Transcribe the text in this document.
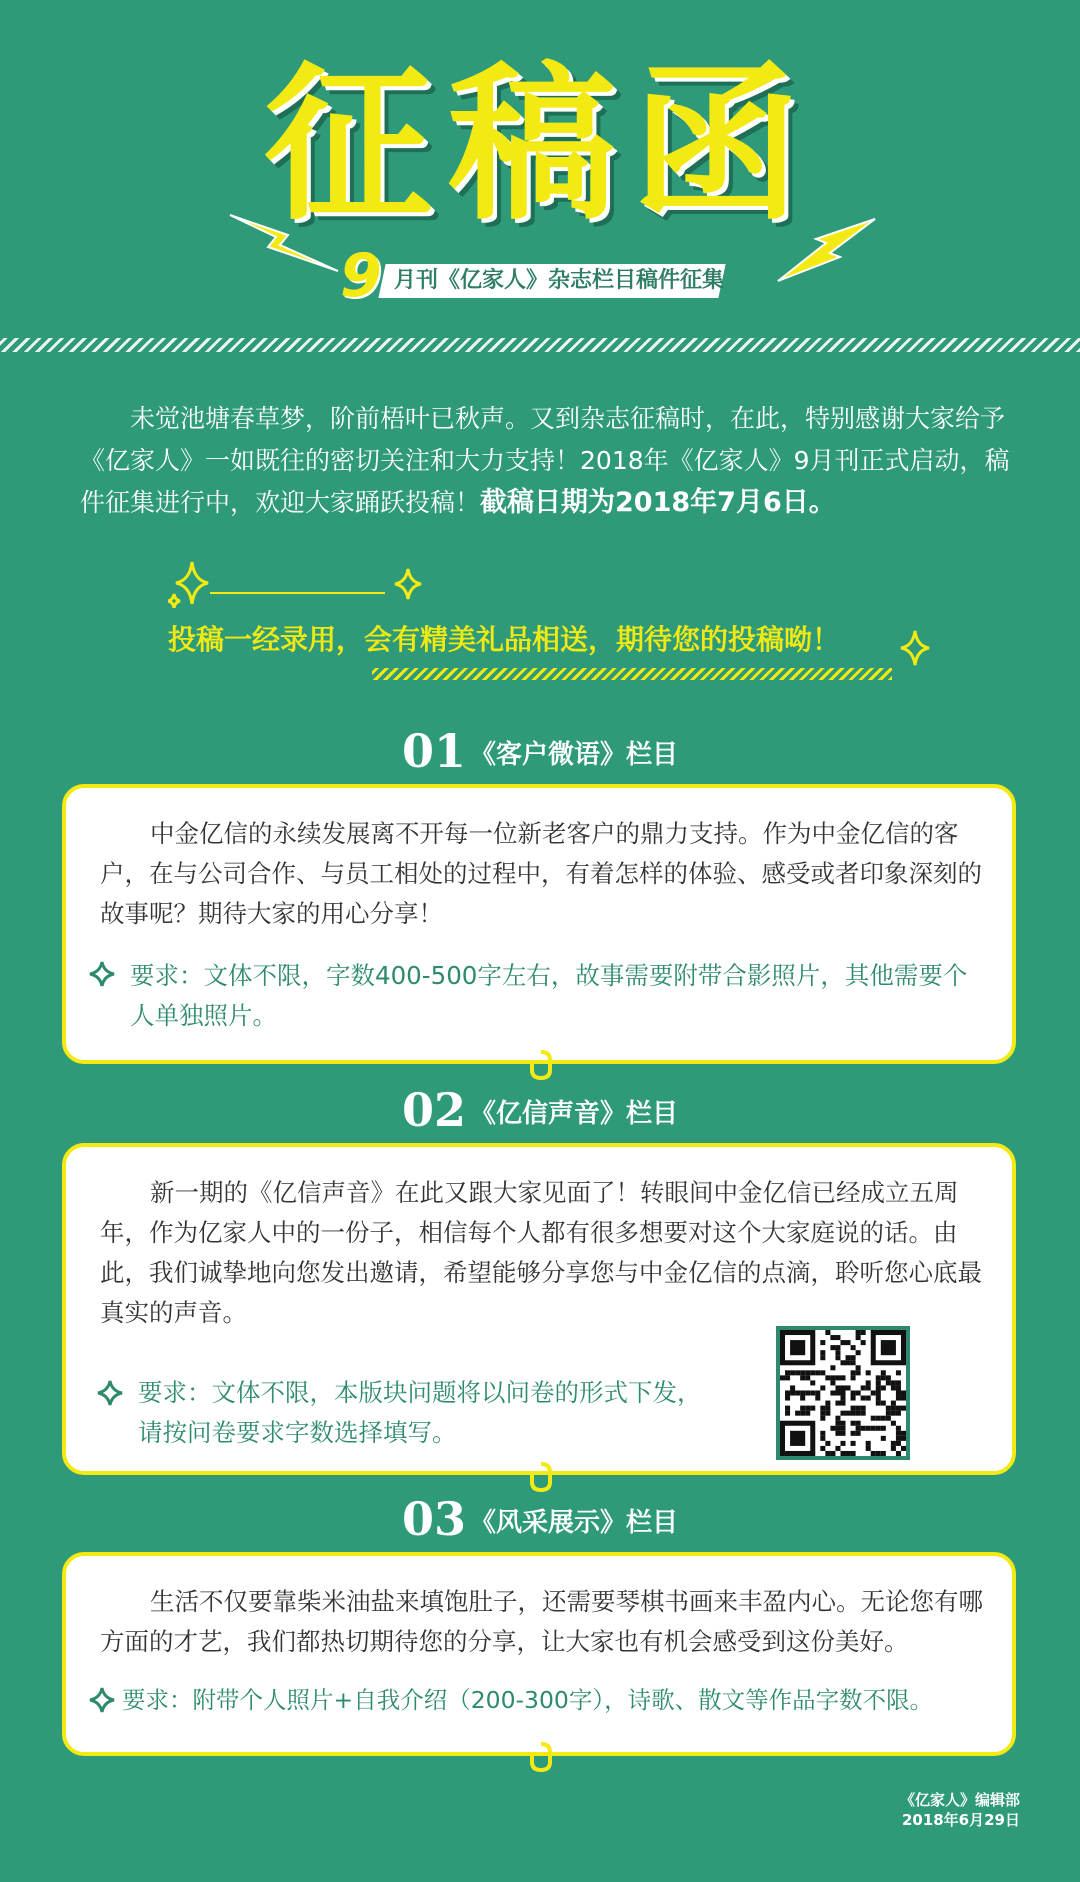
征稿函
9 月刊《亿家人》杂志栏目稿件征集
未觉池塘春草梦，阶前梧叶已秋声。又到杂志征稿时，在此，特别感谢大家给予《亿家人》一如既往的密切关注和大力支持！2018年《亿家人》9月刊正式启动，稿件征集进行中，欢迎大家踊跃投稿！截稿日期为2018年7月6日。
投稿一经录用，会有精美礼品相送，期待您的投稿呦！
01 《客户微语》栏目
中金亿信的永续发展离不开每一位新老客户的鼎力支持。作为中金亿信的客户，在与公司合作、与员工相处的过程中，有着怎样的体验、感受或者印象深刻的故事呢？期待大家的用心分享！
要求：文体不限，字数400-500字左右，故事需要附带合影照片，其他需要个人单独照片。
02 《亿信声音》栏目
新一期的《亿信声音》在此又跟大家见面了！转眼间中金亿信已经成立五周年，作为亿家人中的一份子，相信每个人都有很多想要对这个大家庭说的话。由此，我们诚挚地向您发出邀请，希望能够分享您与中金亿信的点滴，聆听您心底最真实的声音。
要求：文体不限，本版块问题将以问卷的形式下发，
请按问卷要求字数选择填写。
03 《风采展示》栏目
生活不仅要靠柴米油盐来填饱肚子，还需要琴棋书画来丰盈内心。无论您有哪方面的才艺，我们都热切期待您的分享，让大家也有机会感受到这份美好。
要求：附带个人照片+自我介绍（200-300字），诗歌、散文等作品字数不限。
《亿家人》编辑部
2018年6月29日
